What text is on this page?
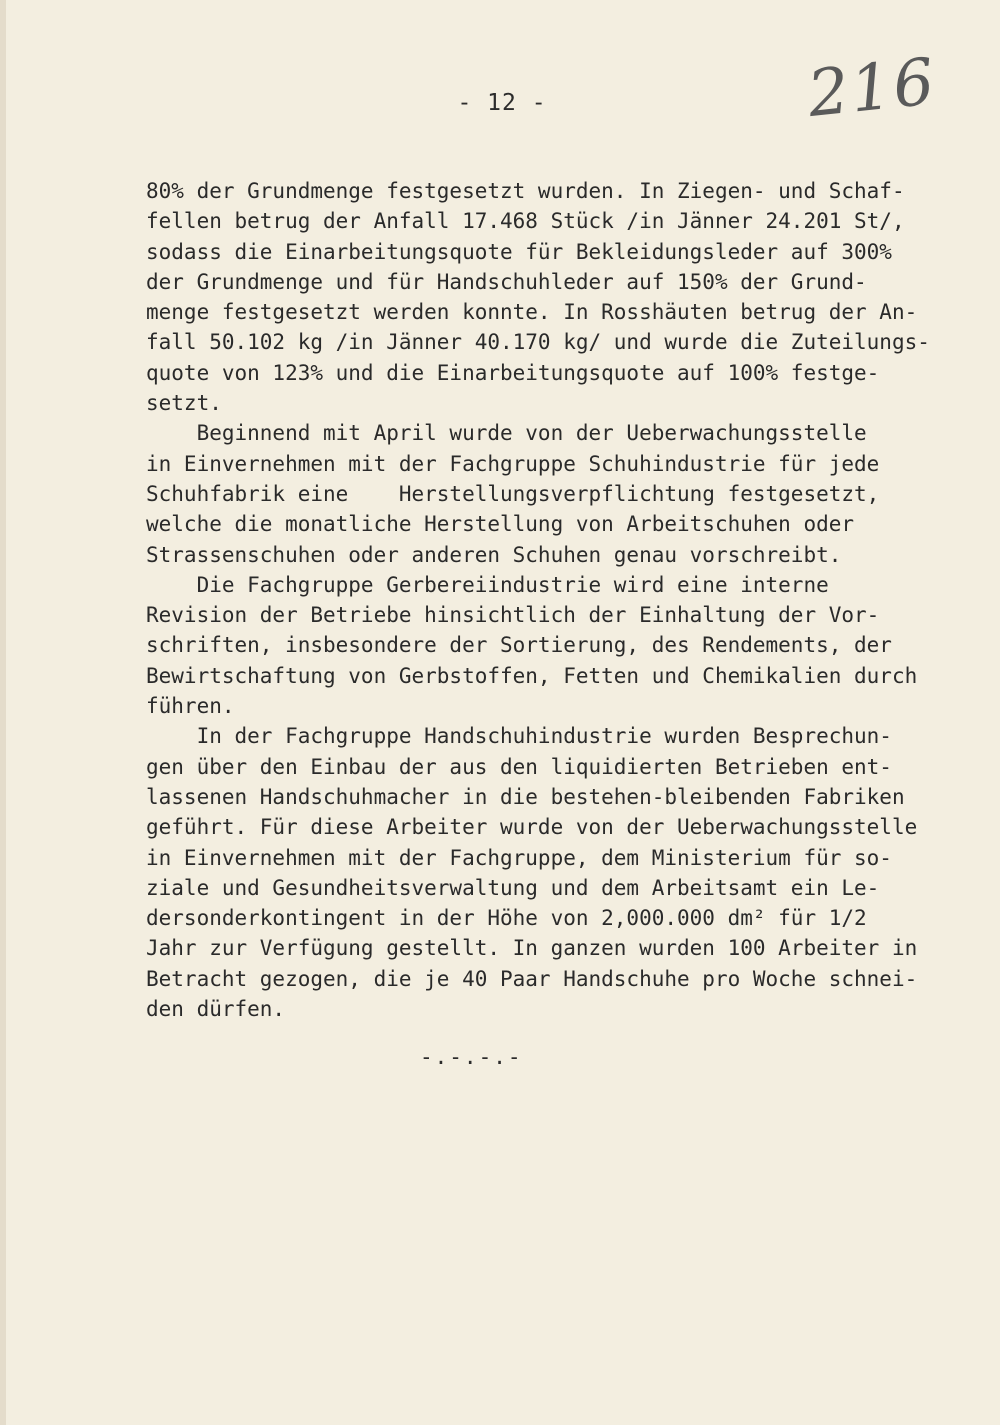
216
- 12 -
80% der Grundmenge festgesetzt wurden. In Ziegen- und Schaf-
fellen betrug der Anfall 17.468 Stück /in Jänner 24.201 St/,
sodass die Einarbeitungsquote für Bekleidungsleder auf 300%
der Grundmenge und für Handschuhleder auf 150% der Grund-
menge festgesetzt werden konnte. In Rosshäuten betrug der An-
fall 50.102 kg /in Jänner 40.170 kg/ und wurde die Zuteilungs-
quote von 123% und die Einarbeitungsquote auf 100% festge-
setzt.
Beginnend mit April wurde von der Ueberwachungsstelle
in Einvernehmen mit der Fachgruppe Schuhindustrie für jede
Schuhfabrik eine    Herstellungsverpflichtung festgesetzt,
welche die monatliche Herstellung von Arbeitschuhen oder
Strassenschuhen oder anderen Schuhen genau vorschreibt.
Die Fachgruppe Gerbereiindustrie wird eine interne
Revision der Betriebe hinsichtlich der Einhaltung der Vor-
schriften, insbesondere der Sortierung, des Rendements, der
Bewirtschaftung von Gerbstoffen, Fetten und Chemikalien durch
führen.
In der Fachgruppe Handschuhindustrie wurden Besprechun-
gen über den Einbau der aus den liquidierten Betrieben ent-
lassenen Handschuhmacher in die bestehen-bleibenden Fabriken
geführt. Für diese Arbeiter wurde von der Ueberwachungsstelle
in Einvernehmen mit der Fachgruppe, dem Ministerium für so-
ziale und Gesundheitsverwaltung und dem Arbeitsamt ein Le-
dersonderkontingent in der Höhe von 2,000.000 dm² für 1/2
Jahr zur Verfügung gestellt. In ganzen wurden 100 Arbeiter in
Betracht gezogen, die je 40 Paar Handschuhe pro Woche schnei-
den dürfen.
-.-.-.-
